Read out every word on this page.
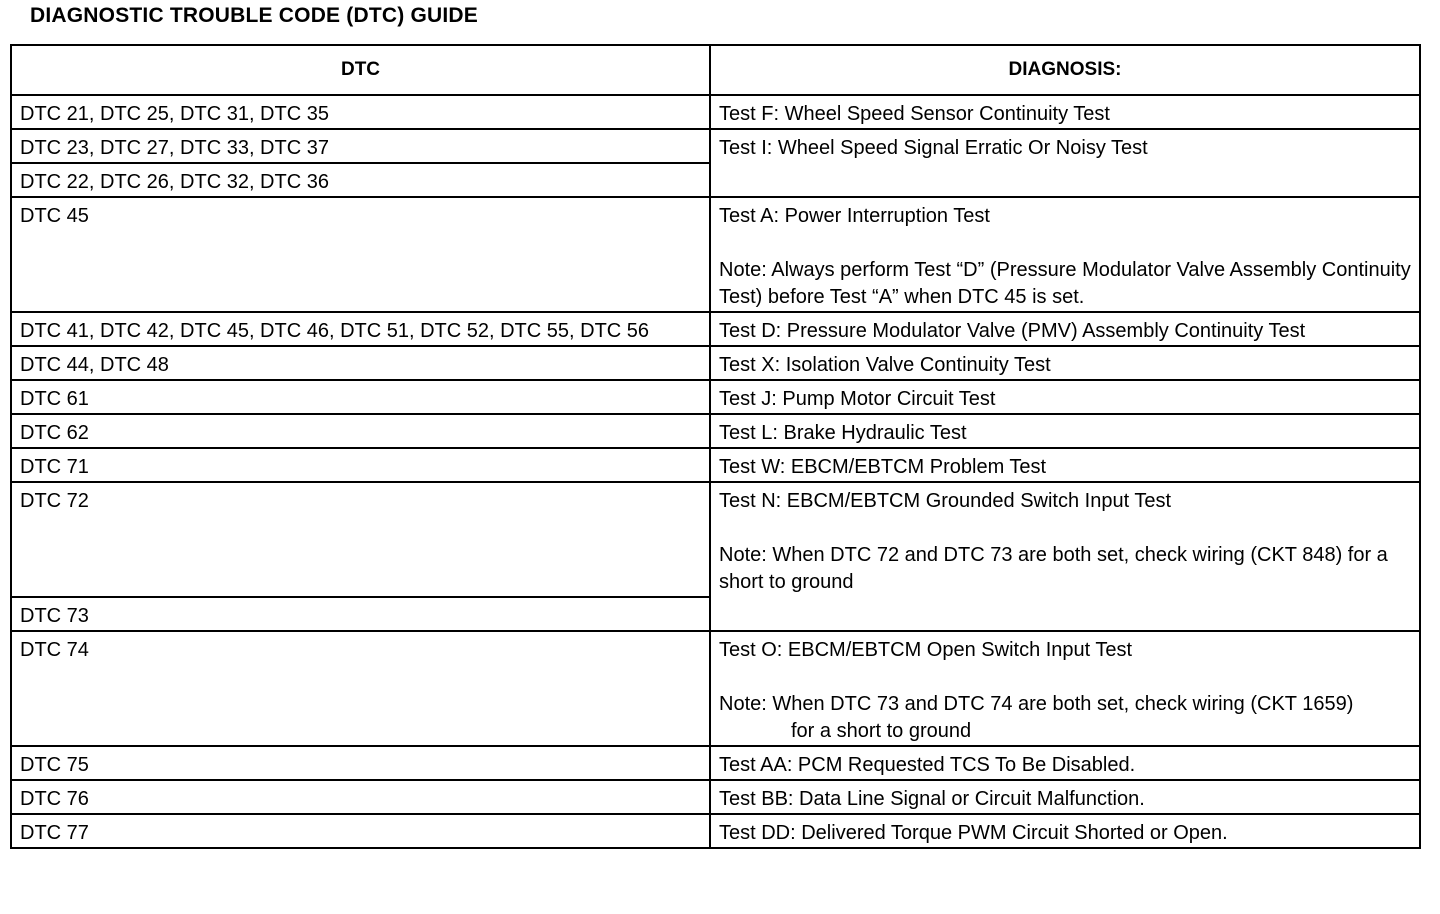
DIAGNOSTIC TROUBLE CODE (DTC) GUIDE
DTC	DIAGNOSIS:

DTC 21, DTC 25, DTC 31, DTC 35	Test F: Wheel Speed Sensor Continuity Test

DTC 23, DTC 27, DTC 33, DTC 37	Test I: Wheel Speed Signal Erratic Or Noisy Test

DTC 22, DTC 26, DTC 32, DTC 36	

DTC 45	Test A: Power Interruption Test
Note: Always perform Test “D” (Pressure Modulator Valve Assembly Continuity Test) before Test “A” when DTC 45 is set.

DTC 41, DTC 42, DTC 45, DTC 46, DTC 51, DTC 52, DTC 55, DTC 56	Test D: Pressure Modulator Valve (PMV) Assembly Continuity Test

DTC 44, DTC 48	Test X: Isolation Valve Continuity Test

DTC 61	Test J: Pump Motor Circuit Test

DTC 62	Test L: Brake Hydraulic Test

DTC 71	Test W: EBCM/EBTCM Problem Test

DTC 72	Test N: EBCM/EBTCM Grounded Switch Input Test
Note: When DTC 72 and DTC 73 are both set, check wiring (CKT 848) for a short to ground

DTC 73	

DTC 74	Test O: EBCM/EBTCM Open Switch Input Test
Note: When DTC 73 and DTC 74 are both set, check wiring (CKT 1659)
for a short to ground

DTC 75	Test AA: PCM Requested TCS To Be Disabled.

DTC 76	Test BB: Data Line Signal or Circuit Malfunction.

DTC 77	Test DD: Delivered Torque PWM Circuit Shorted or Open.
